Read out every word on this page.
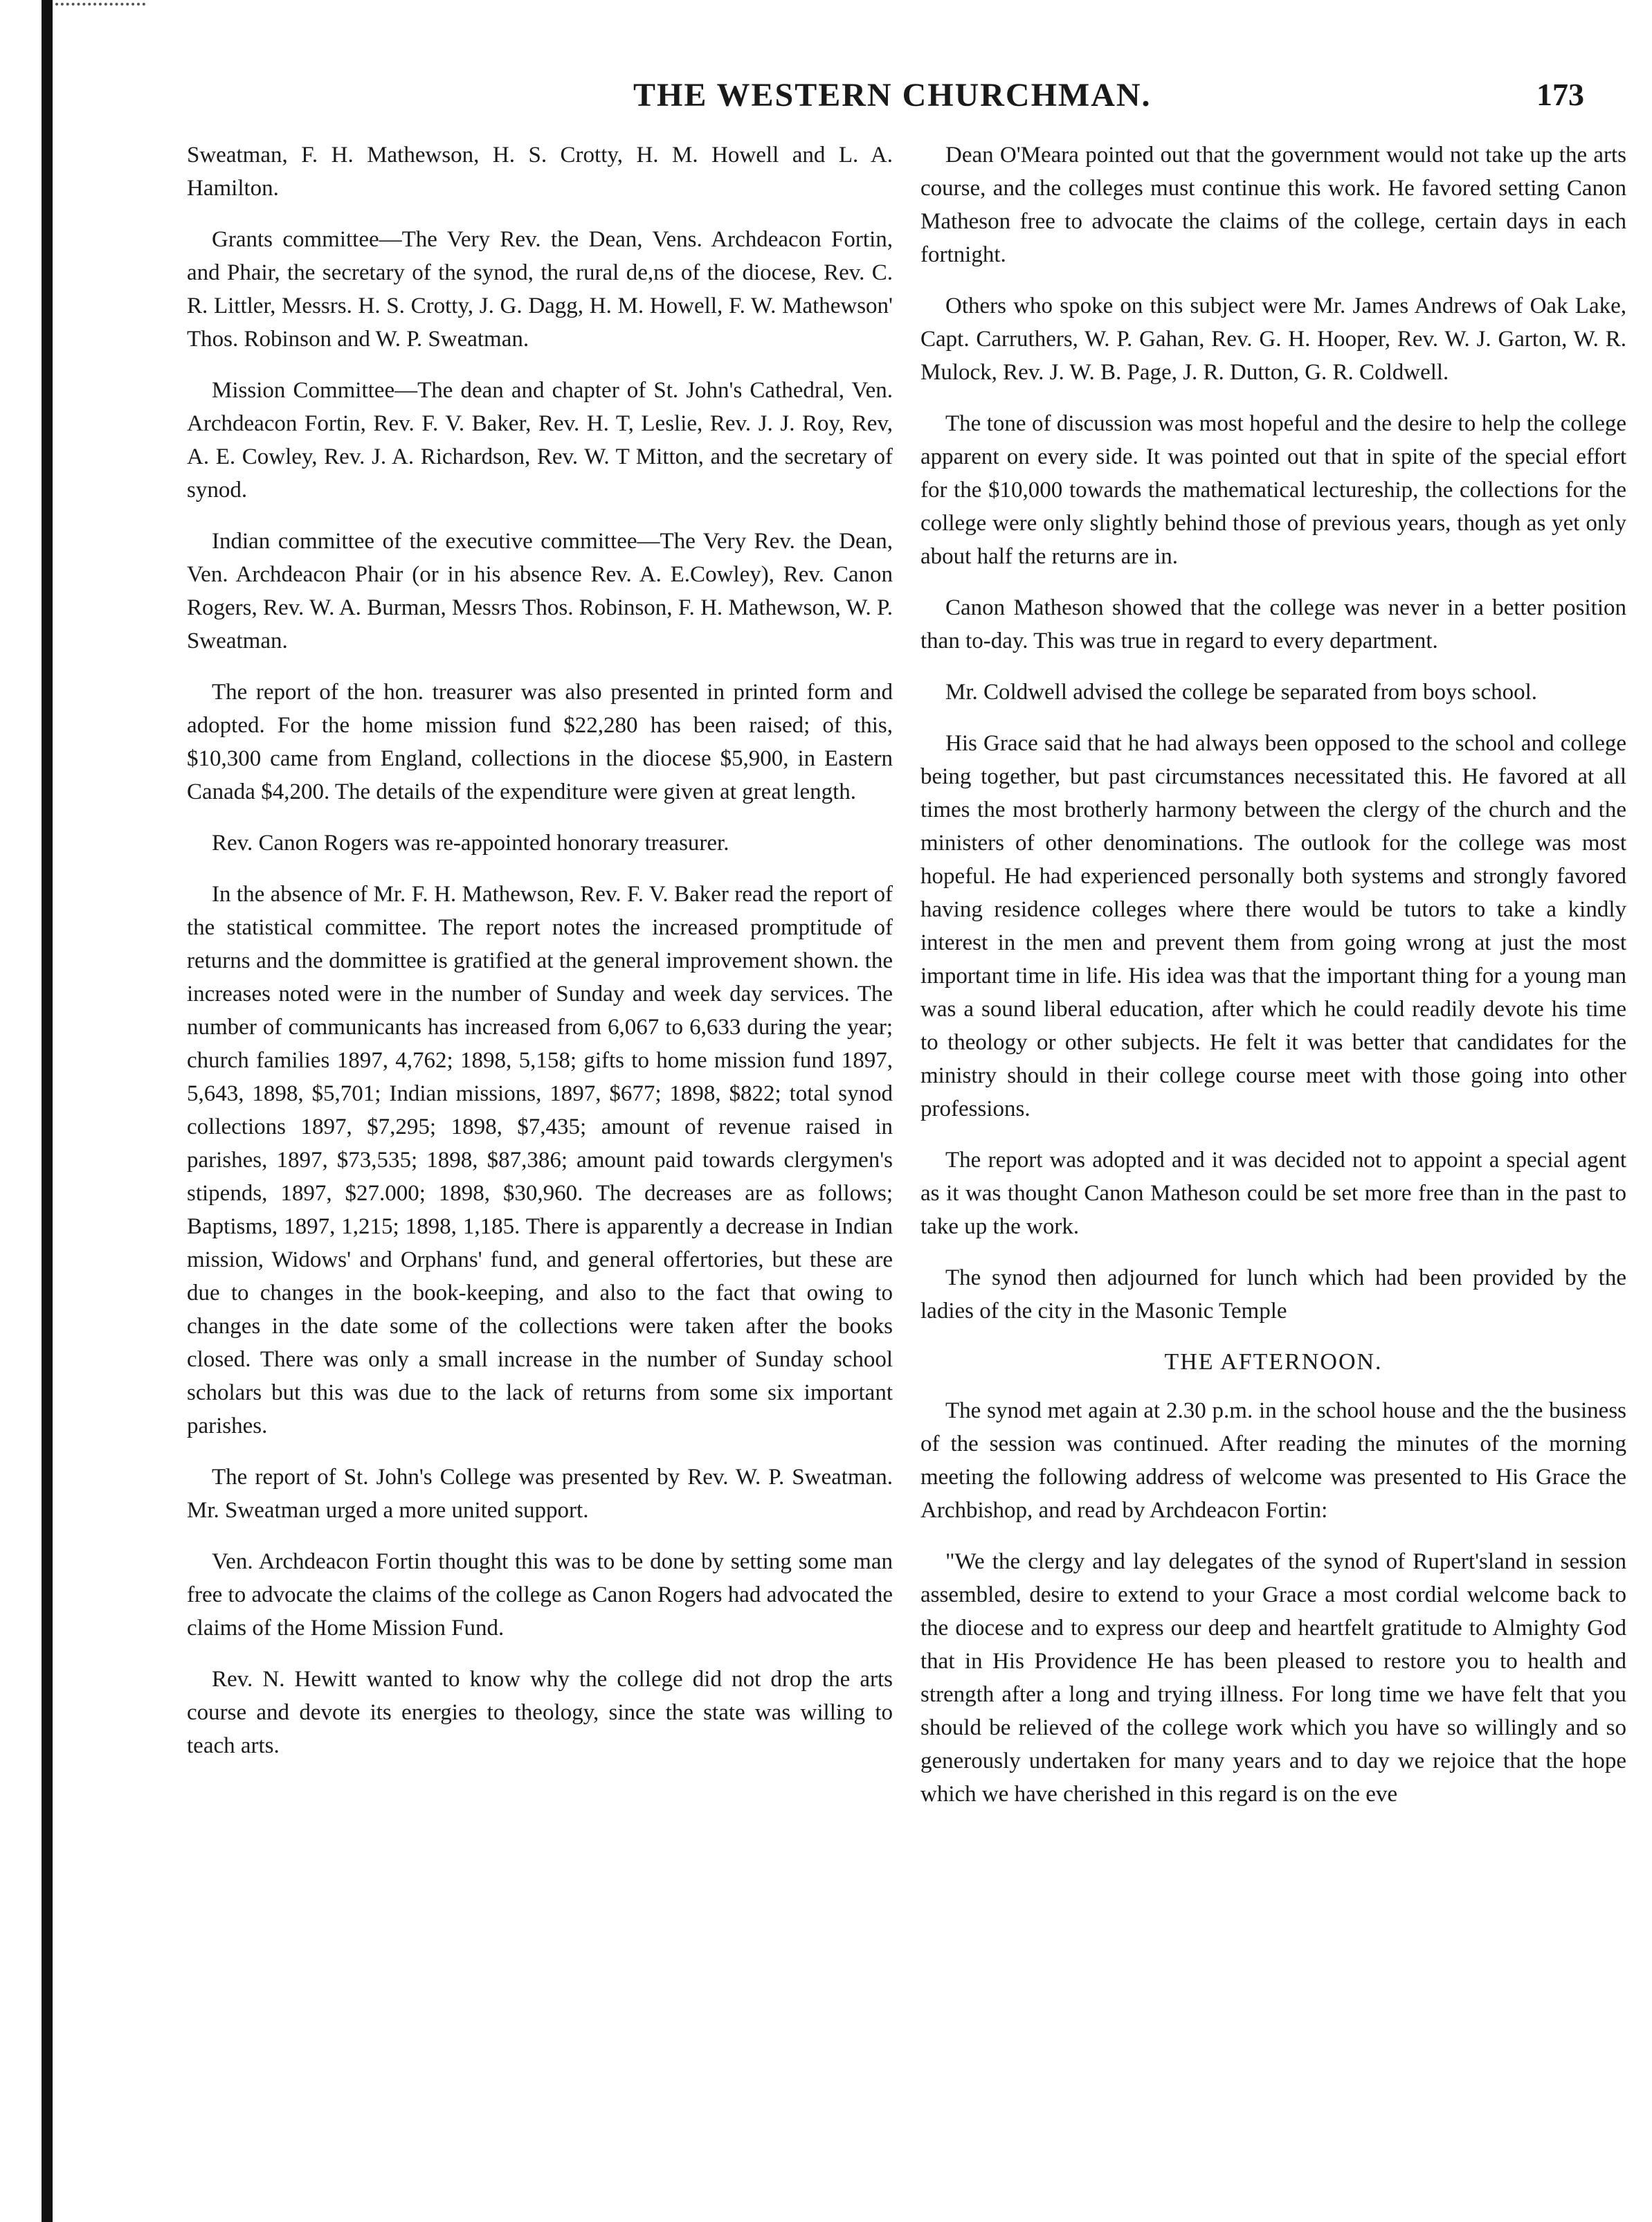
THE WESTERN CHURCHMAN.	173

Sweatman, F. H. Mathewson, H. S. Crotty, H. M. Howell and L. A. Hamilton.

Grants committee—The Very Rev. the Dean, Vens. Archdeacon Fortin, and Phair, the secretary of the synod, the rural de,ns of the diocese, Rev. C. R. Littler, Messrs. H. S. Crotty, J. G. Dagg, H. M. Howell, F. W. Mathewson' Thos. Robinson and W. P. Sweatman.

Mission Committee—The dean and chapter of St. John's Cathedral, Ven. Archdeacon Fortin, Rev. F. V. Baker, Rev. H. T, Leslie, Rev. J. J. Roy, Rev, A. E. Cowley, Rev. J. A. Richardson, Rev. W. T Mitton, and the secretary of synod.

Indian committee of the executive committee—The Very Rev. the Dean, Ven. Archdeacon Phair (or in his absence Rev. A. E.Cowley), Rev. Canon Rogers, Rev. W. A. Burman, Messrs Thos. Robinson, F. H. Mathewson, W. P. Sweatman.

The report of the hon. treasurer was also presented in printed form and adopted. For the home mission fund $22,280 has been raised; of this, $10,300 came from England, collections in the diocese $5,900, in Eastern Canada $4,200. The details of the expenditure were given at great length.

Rev. Canon Rogers was re-appointed honorary treasurer.

In the absence of Mr. F. H. Mathewson, Rev. F. V. Baker read the report of the statistical committee. The report notes the increased promptitude of returns and the dommittee is gratified at the general improvement shown. the increases noted were in the number of Sunday and week day services. The number of communicants has increased from 6,067 to 6,633 during the year; church families 1897, 4,762; 1898, 5,158; gifts to home mission fund 1897, 5,643, 1898, $5,701; Indian missions, 1897, $677; 1898, $822; total synod collections 1897, $7,295; 1898, $7,435; amount of revenue raised in parishes, 1897, $73,535; 1898, $87,386; amount paid towards clergymen's stipends, 1897, $27.000; 1898, $30,960. The decreases are as follows; Baptisms, 1897, 1,215; 1898, 1,185. There is apparently a decrease in Indian mission, Widows' and Orphans' fund, and general offertories, but these are due to changes in the book-keeping, and also to the fact that owing to changes in the date some of the collections were taken after the books closed. There was only a small increase in the number of Sunday school scholars but this was due to the lack of returns from some six important parishes.

The report of St. John's College was presented by Rev. W. P. Sweatman. Mr. Sweatman urged a more united support.

Ven. Archdeacon Fortin thought this was to be done by setting some man free to advocate the claims of the college as Canon Rogers had advocated the claims of the Home Mission Fund.

Rev. N. Hewitt wanted to know why the college did not drop the arts course and devote its energies to theology, since the state was willing to teach arts.

Dean O'Meara pointed out that the government would not take up the arts course, and the colleges must continue this work. He favored setting Canon Matheson free to advocate the claims of the college, certain days in each fortnight.

Others who spoke on this subject were Mr. James Andrews of Oak Lake, Capt. Carruthers, W. P. Gahan, Rev. G. H. Hooper, Rev. W. J. Garton, W. R. Mulock, Rev. J. W. B. Page, J. R. Dutton, G. R. Coldwell.

The tone of discussion was most hopeful and the desire to help the college apparent on every side. It was pointed out that in spite of the special effort for the $10,000 towards the mathematical lectureship, the collections for the college were only slightly behind those of previous years, though as yet only about half the returns are in.

Canon Matheson showed that the college was never in a better position than to-day. This was true in regard to every department.

Mr. Coldwell advised the college be separated from boys school.

His Grace said that he had always been opposed to the school and college being together, but past circumstances necessitated this. He favored at all times the most brotherly harmony between the clergy of the church and the ministers of other denominations. The outlook for the college was most hopeful. He had experienced personally both systems and strongly favored having residence colleges where there would be tutors to take a kindly interest in the men and prevent them from going wrong at just the most important time in life. His idea was that the important thing for a young man was a sound liberal education, after which he could readily devote his time to theology or other subjects. He felt it was better that candidates for the ministry should in their college course meet with those going into other professions.

The report was adopted and it was decided not to appoint a special agent as it was thought Canon Matheson could be set more free than in the past to take up the work.

The synod then adjourned for lunch which had been provided by the ladies of the city in the Masonic Temple

THE AFTERNOON.

The synod met again at 2.30 p.m. in the school house and the the business of the session was continued. After reading the minutes of the morning meeting the following address of welcome was presented to His Grace the Archbishop, and read by Archdeacon Fortin:

"We the clergy and lay delegates of the synod of Rupert'sland in session assembled, desire to extend to your Grace a most cordial welcome back to the diocese and to express our deep and heartfelt gratitude to Almighty God that in His Providence He has been pleased to restore you to health and strength after a long and trying illness. For long time we have felt that you should be relieved of the college work which you have so willingly and so generously undertaken for many years and to day we rejoice that the hope which we have cherished in this regard is on the eve
